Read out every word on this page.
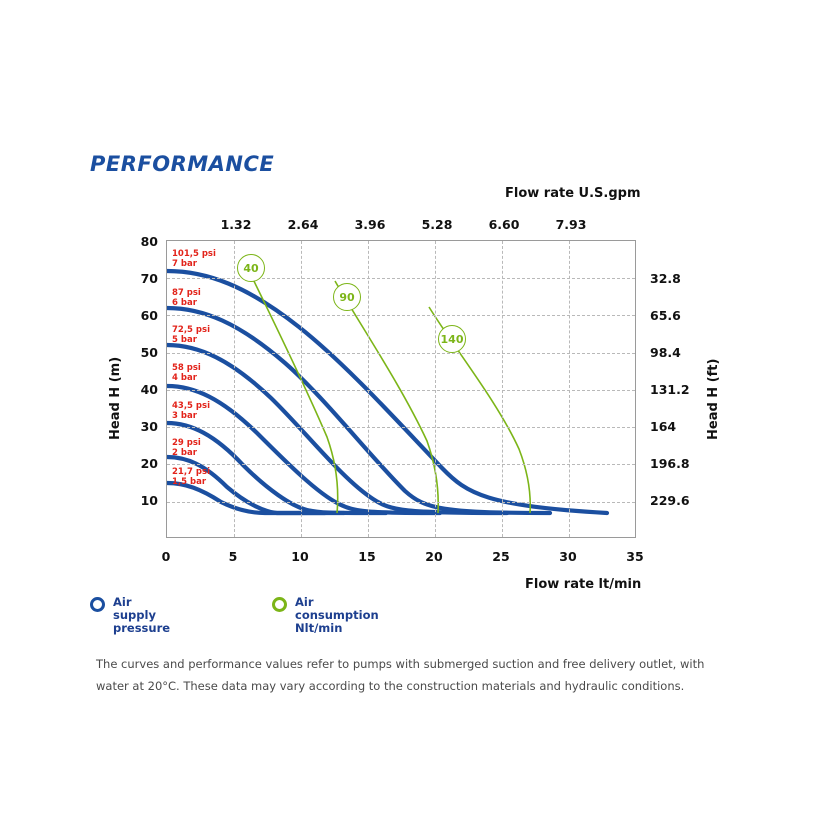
PERFORMANCE
Flow rate U.S.gpm
Flow rate lt/min
Head H (m)	Head H (ft)
1.32	2.64	3.96	5.28	6.60	7.93
0	5	10	15	20	25	30	35
80
70
60
50
40
30
20
10
32.8
65.6
98.4
131.2
164
196.8
229.6
101,5 psi
7 bar
87 psi
6 bar
72,5 psi
5 bar
58 psi
4 bar
43,5 psi
3 bar
29 psi
2 bar
21,7 psi
1,5 bar
40
90
140
Air supply
pressure
Air consumption
Nlt/min
The curves and performance values refer to pumps with submerged suction and free delivery outlet, with water at 20°C. These data may vary according to the construction materials and hydraulic conditions.
